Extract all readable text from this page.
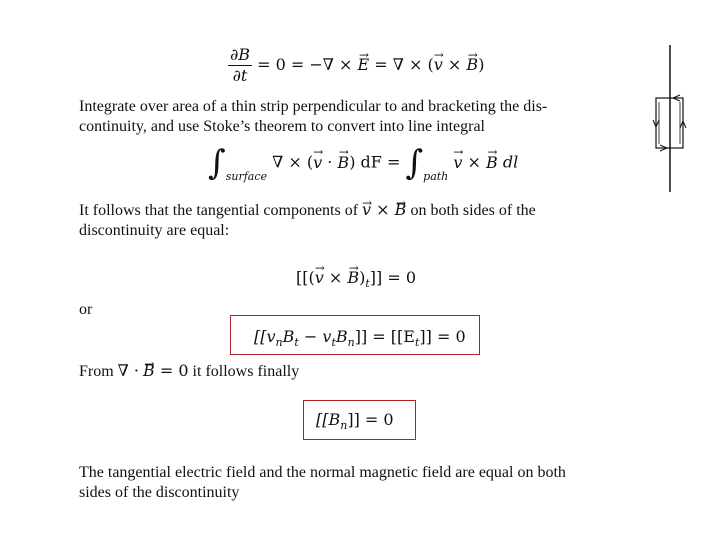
$\frac{\partial B}{\partial t} = 0$ = −∇ × → E = ∇ × (→ v × → B)
Integrate over area of a thin strip perpendicular to and bracketing the dis-
continuity, and use Stoke’s theorem to convert into line integral
$\int_{surface}$ ∇ × (→ v · → B) dF = $\int_{path} \to v$ × → B dl
It follows that the tangential components of → v × → B on both sides of the
discontinuity are equal:
[[(→ v × → $B)_t]] = 0$
or
$[[v_nB_t - v_tB_n]] = [[E_t]] = 0$
From ∇ · → B = 0 it follows finally
$[[B_n]] = 0$
The tangential electric field and the normal magnetic field are equal on both
sides of the discontinuity
